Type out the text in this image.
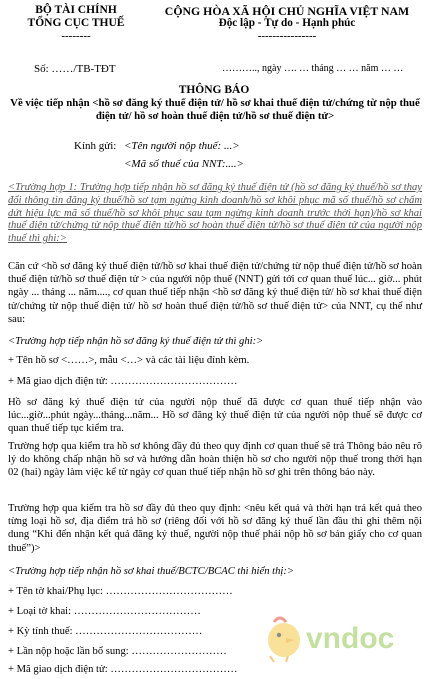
BỘ TÀI CHÍNH
TỔNG CỤC THUẾ
--------
CỘNG HÒA XÃ HỘI CHỦ NGHĨA VIỆT NAM
Độc lập - Tự do - Hạnh phúc
----------------
Số: ……/TB-TĐT	……….., ngày …. … tháng … … năm … …
THÔNG BÁO
Về việc tiếp nhận <hồ sơ đăng ký thuế điện tử/ hồ sơ khai thuế điện tử/chứng từ nộp thuế điện tử/ hồ sơ hoàn thuế điện tử/hồ sơ thuế điện tử>
Kính gửi: <Tên người nộp thuế: ...>
<Mã số thuế của NNT:....>
<Trường hợp 1: Trường hợp tiếp nhận hồ sơ đăng ký thuế điện tử (hồ sơ đăng ký thuế/hồ sơ thay đổi thông tin đăng ký thuế/hồ sơ tạm ngừng kinh doanh/hồ sơ khôi phục mã số thuế/hồ sơ chấm dứt hiệu lực mã số thuế/hồ sơ khôi phục sau tạm ngừng kinh doanh trước thời hạn)/hồ sơ khai thuế điện tử/chứng từ nộp thuế điện tử/hồ sơ hoàn thuế điện tử/hồ sơ thuế điện tử của người nộp thuế thì ghi:>
Căn cứ <hồ sơ đăng ký thuế điện tử/hồ sơ khai thuế điện tử/chứng từ nộp thuế điện tử/hồ sơ hoàn thuế điện tử/hồ sơ thuế điện tử > của người nộp thuế (NNT) gửi tới cơ quan thuế lúc... giờ... phút ngày ... tháng ... năm...., cơ quan thuế tiếp nhận <hồ sơ đăng ký thuế điện tử/ hồ sơ khai thuế điện tử/chứng từ nộp thuế điện tử/ hồ sơ hoàn thuế điện tử/hồ sơ thuế điện tử> của NNT, cụ thể như sau:
<Trường hợp tiếp nhận hồ sơ đăng ký thuế điện tử thì ghi:>
+ Tên hồ sơ <……>, mẫu <…> và các tài liệu đính kèm.
+ Mã giao dịch điện tử: ………………………………
Hồ sơ đăng ký thuế điện tử của người nộp thuế đã được cơ quan thuế tiếp nhận vào lúc...giờ...phút ngày...tháng...năm... Hồ sơ đăng ký thuế điện tử của người nộp thuế sẽ được cơ quan thuế tiếp tục kiểm tra.
Trường hợp qua kiểm tra hồ sơ không đầy đủ theo quy định cơ quan thuế sẽ trả Thông báo nêu rõ lý do không chấp nhận hồ sơ và hướng dẫn hoàn thiện hồ sơ cho người nộp thuế trong thời hạn 02 (hai) ngày làm việc kể từ ngày cơ quan thuế tiếp nhận hồ sơ ghi trên thông báo này.
Trường hợp qua kiểm tra hồ sơ đầy đủ theo quy định: <nêu kết quả và thời hạn trả kết quả theo từng loại hồ sơ, địa điểm trả hồ sơ (riêng đối với hồ sơ đăng ký thuế lần đầu thì ghi thêm nội dung “Khi đến nhận kết quả đăng ký thuế, người nộp thuế phải nộp hồ sơ bản giấy cho cơ quan thuế”)>
<Trường hợp tiếp nhận hồ sơ khai thuế/BCTC/BCAC thì hiển thị:>
+ Tên tờ khai/Phụ lục: ………………………………
+ Loại tờ khai: ………………………………
+ Kỳ tính thuế: ………………………………
+ Lần nộp hoặc lần bổ sung: ………………………
+ Mã giao dịch điện tử: ………………………………
vndoc
